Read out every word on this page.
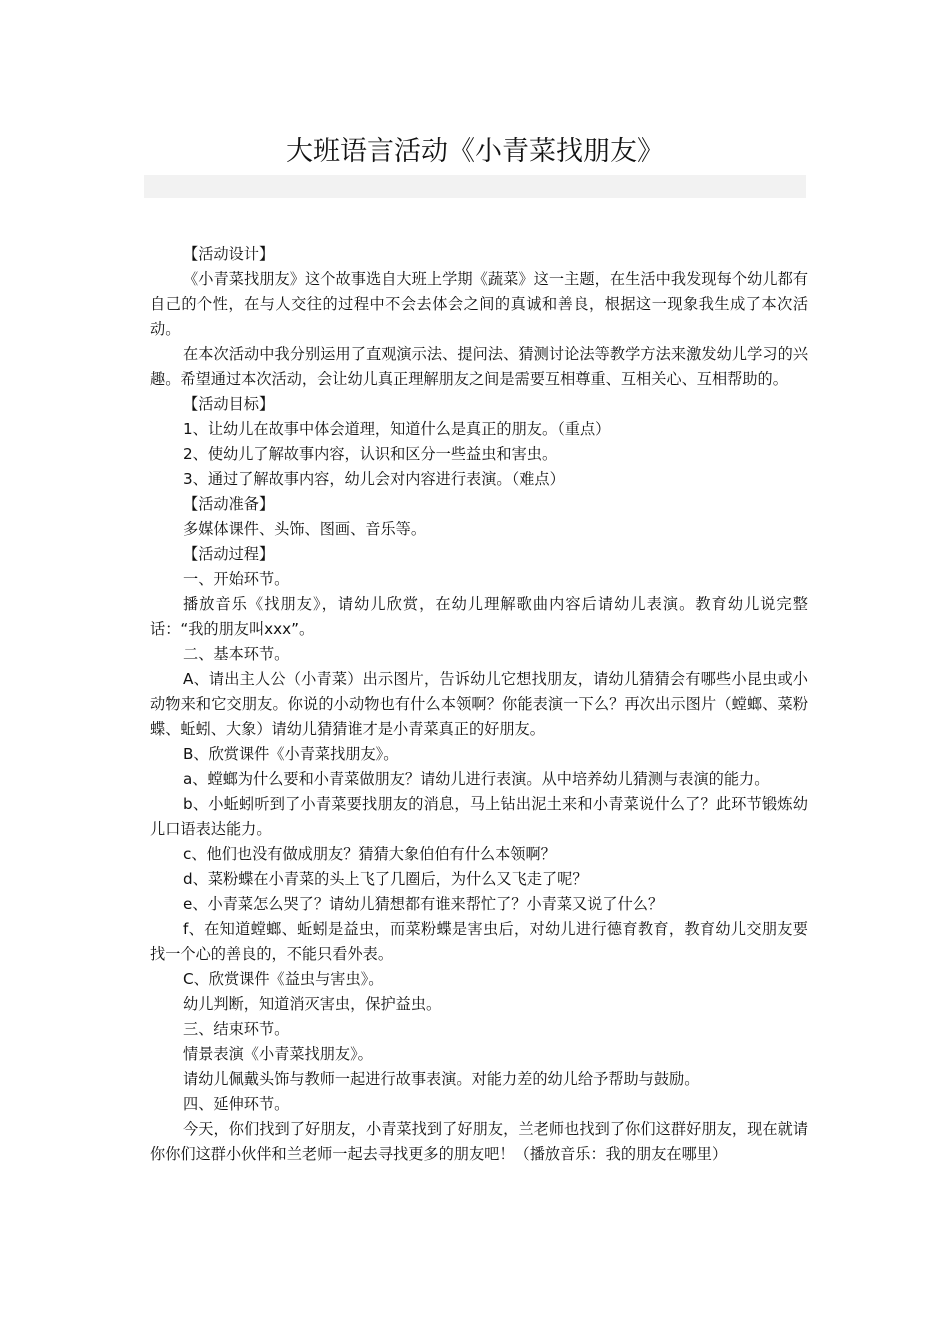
大班语言活动《小青菜找朋友》

【活动设计】

《小青菜找朋友》这个故事选自大班上学期《蔬菜》这一主题，在生活中我发现每个幼儿都有自己的个性，在与人交往的过程中不会去体会之间的真诚和善良，根据这一现象我生成了本次活动。

在本次活动中我分别运用了直观演示法、提问法、猜测讨论法等教学方法来激发幼儿学习的兴趣。希望通过本次活动，会让幼儿真正理解朋友之间是需要互相尊重、互相关心、互相帮助的。

【活动目标】

1、让幼儿在故事中体会道理，知道什么是真正的朋友。（重点）

2、使幼儿了解故事内容，认识和区分一些益虫和害虫。

3、通过了解故事内容，幼儿会对内容进行表演。（难点）

【活动准备】

多媒体课件、头饰、图画、音乐等。

【活动过程】

一、开始环节。

播放音乐《找朋友》，请幼儿欣赏，在幼儿理解歌曲内容后请幼儿表演。教育幼儿说完整话：“我的朋友叫xxx”。

二、基本环节。

A、请出主人公（小青菜）出示图片，告诉幼儿它想找朋友，请幼儿猜猜会有哪些小昆虫或小动物来和它交朋友。你说的小动物也有什么本领啊？你能表演一下么？再次出示图片（螳螂、菜粉蝶、蚯蚓、大象）请幼儿猜猜谁才是小青菜真正的好朋友。

B、欣赏课件《小青菜找朋友》。

a、螳螂为什么要和小青菜做朋友？请幼儿进行表演。从中培养幼儿猜测与表演的能力。

b、小蚯蚓听到了小青菜要找朋友的消息，马上钻出泥土来和小青菜说什么了？此环节锻炼幼儿口语表达能力。

c、他们也没有做成朋友？猜猜大象伯伯有什么本领啊？

d、菜粉蝶在小青菜的头上飞了几圈后，为什么又飞走了呢？

e、小青菜怎么哭了？请幼儿猜想都有谁来帮忙了？小青菜又说了什么？

f、在知道螳螂、蚯蚓是益虫，而菜粉蝶是害虫后，对幼儿进行德育教育，教育幼儿交朋友要找一个心的善良的，不能只看外表。

C、欣赏课件《益虫与害虫》。

幼儿判断，知道消灭害虫，保护益虫。

三、结束环节。

情景表演《小青菜找朋友》。

请幼儿佩戴头饰与教师一起进行故事表演。对能力差的幼儿给予帮助与鼓励。

四、延伸环节。

今天，你们找到了好朋友，小青菜找到了好朋友，兰老师也找到了你们这群好朋友，现在就请你你们这群小伙伴和兰老师一起去寻找更多的朋友吧！（播放音乐：我的朋友在哪里）
